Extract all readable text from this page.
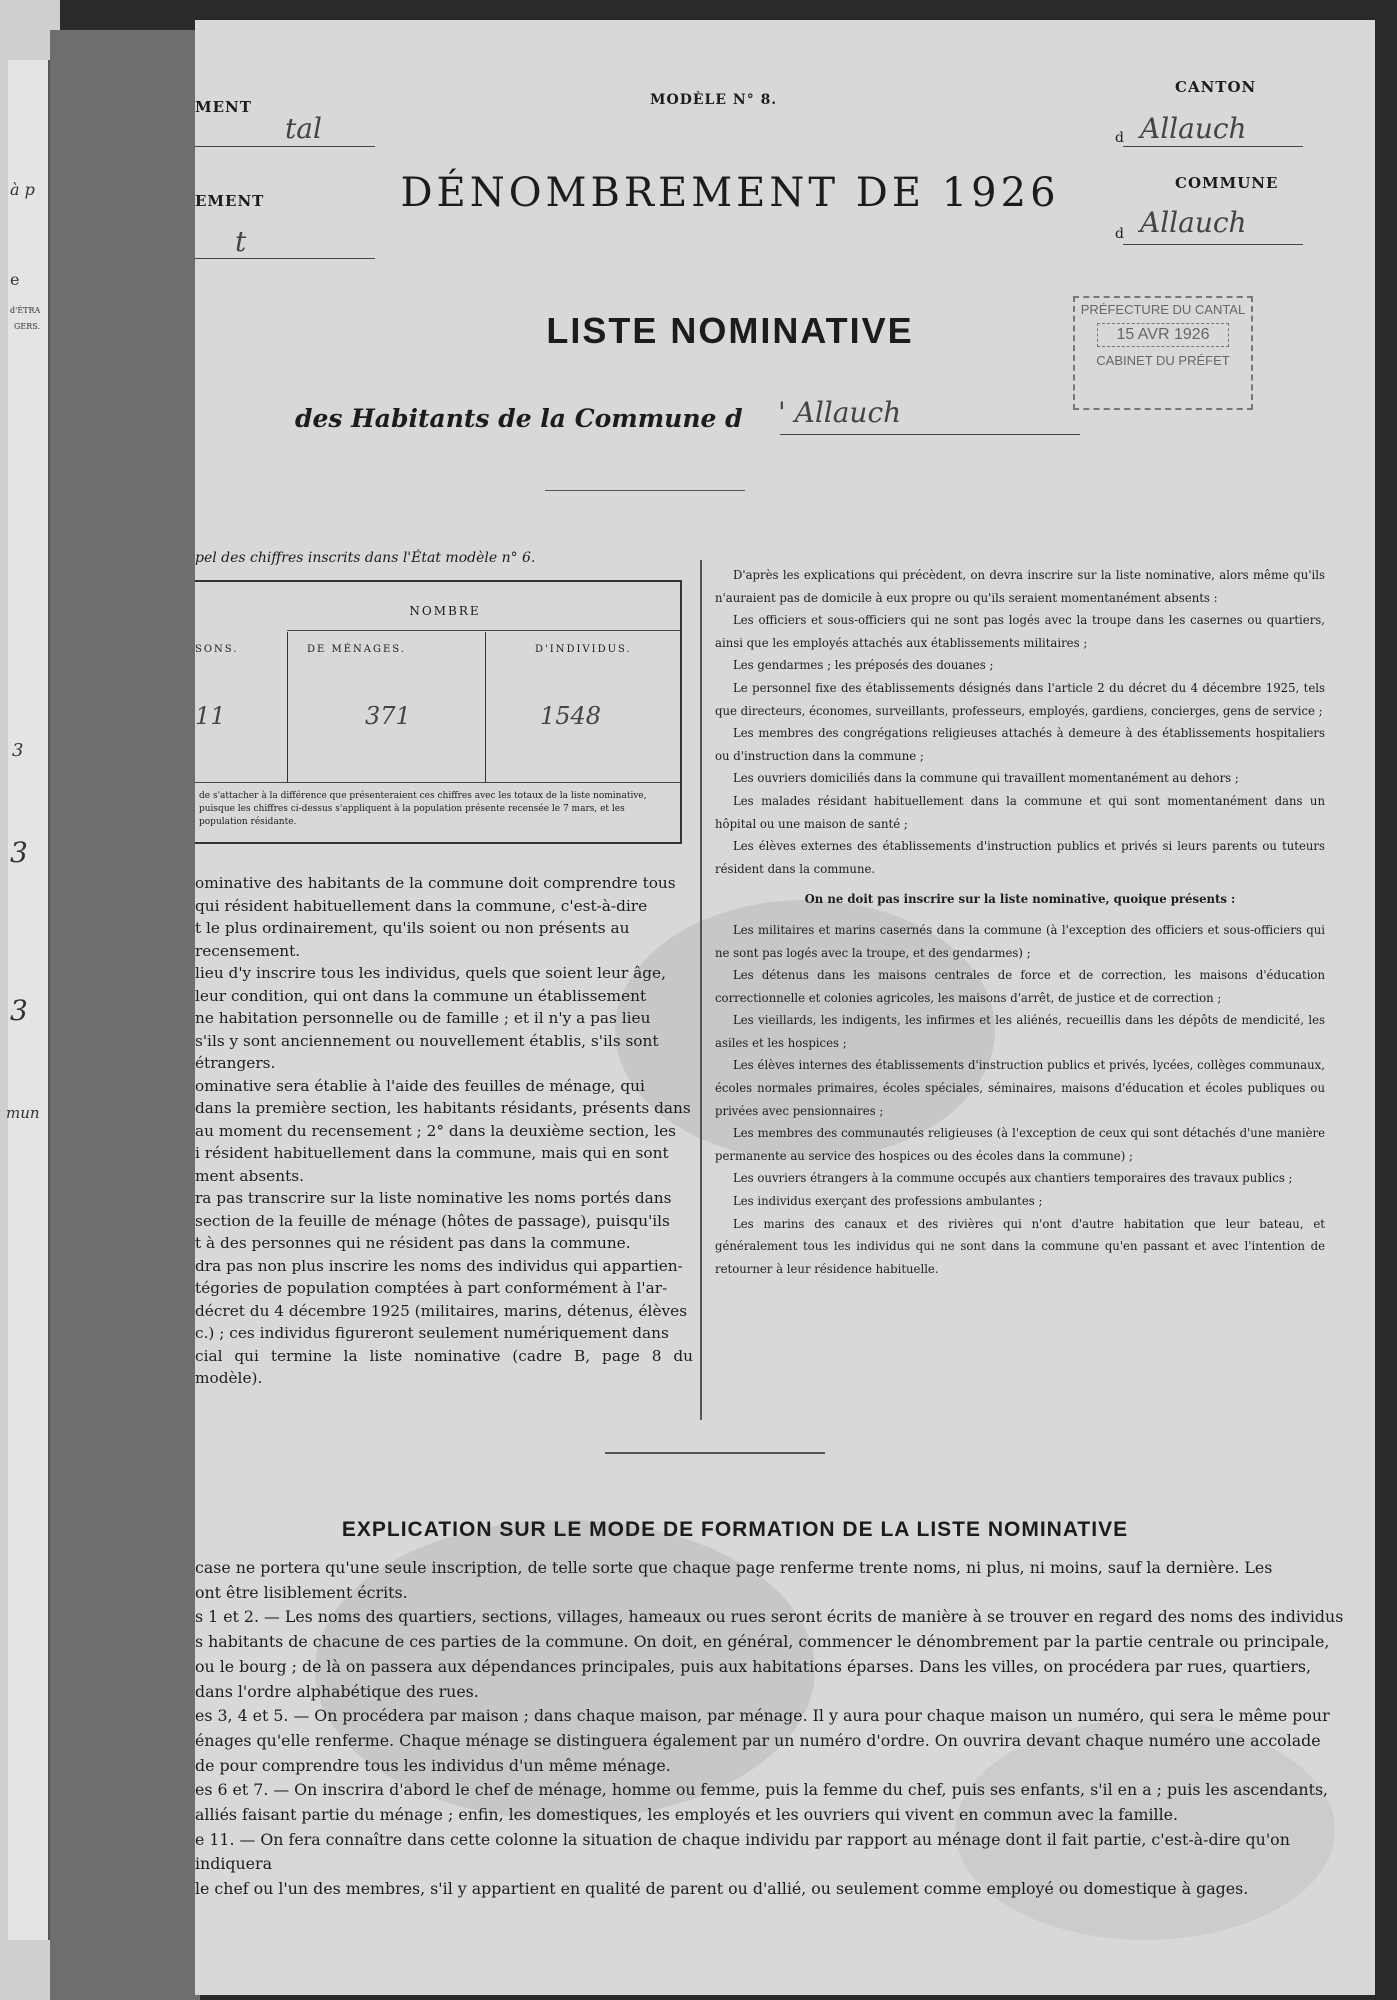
à p
e
d'ÉTRA
GERS.
3
3
3
mun
MENT
tal
EMENT
t
MODÈLE N° 8.
CANTON
d Allauch
COMMUNE
d Allauch
DÉNOMBREMENT DE 1926
LISTE NOMINATIVE
des Habitants de la Commune d ' Allauch
PRÉFECTURE DU CANTAL
15 AVR 1926
CABINET DU PRÉFET
pel des chiffres inscrits dans l'État modèle n° 6.
NOMBRE
SONS.	DE MÉNAGES.	D'INDIVIDUS.
11	371	1548
de s'attacher à la différence que présenteraient ces chiffres avec les totaux de la liste nominative, puisque les chiffres ci-dessus s'appliquent à la population présente recensée le 7 mars, et les population résidante.

ominative des habitants de la commune doit comprendre tous

qui résident habituellement dans la commune, c'est-à-dire

t le plus ordinairement, qu'ils soient ou non présents au

recensement.

lieu d'y inscrire tous les individus, quels que soient leur âge,

leur condition, qui ont dans la commune un établissement

ne habitation personnelle ou de famille ; et il n'y a pas lieu

s'ils y sont anciennement ou nouvellement établis, s'ils sont

étrangers.

ominative sera établie à l'aide des feuilles de ménage, qui

dans la première section, les habitants résidants, présents dans

au moment du recensement ; 2° dans la deuxième section, les

i résident habituellement dans la commune, mais qui en sont

ment absents.

ra pas transcrire sur la liste nominative les noms portés dans

section de la feuille de ménage (hôtes de passage), puisqu'ils

t à des personnes qui ne résident pas dans la commune.

dra pas non plus inscrire les noms des individus qui appartien-

tégories de population comptées à part conformément à l'ar-

décret du 4 décembre 1925 (militaires, marins, détenus, élèves

c.) ; ces individus figureront seulement numériquement dans

cial qui termine la liste nominative (cadre B, page 8 du modèle).

D'après les explications qui précèdent, on devra inscrire sur la liste nominative, alors même qu'ils n'auraient pas de domicile à eux propre ou qu'ils seraient momentanément absents :

Les officiers et sous-officiers qui ne sont pas logés avec la troupe dans les casernes ou quartiers, ainsi que les employés attachés aux établissements militaires ;

Les gendarmes ; les préposés des douanes ;

Le personnel fixe des établissements désignés dans l'article 2 du décret du 4 décembre 1925, tels que directeurs, économes, surveillants, professeurs, employés, gardiens, concierges, gens de service ;

Les membres des congrégations religieuses attachés à demeure à des établissements hospitaliers ou d'instruction dans la commune ;

Les ouvriers domiciliés dans la commune qui travaillent momentanément au dehors ;

Les malades résidant habituellement dans la commune et qui sont momentanément dans un hôpital ou une maison de santé ;

Les élèves externes des établissements d'instruction publics et privés si leurs parents ou tuteurs résident dans la commune.

On ne doit pas inscrire sur la liste nominative, quoique présents :

Les militaires et marins casernés dans la commune (à l'exception des officiers et sous-officiers qui ne sont pas logés avec la troupe, et des gendarmes) ;

Les détenus dans les maisons centrales de force et de correction, les maisons d'éducation correctionnelle et colonies agricoles, les maisons d'arrêt, de justice et de correction ;

Les vieillards, les indigents, les infirmes et les aliénés, recueillis dans les dépôts de mendicité, les asiles et les hospices ;

Les élèves internes des établissements d'instruction publics et privés, lycées, collèges communaux, écoles normales primaires, écoles spéciales, séminaires, maisons d'éducation et écoles publiques ou privées avec pensionnaires ;

Les membres des communautés religieuses (à l'exception de ceux qui sont détachés d'une manière permanente au service des hospices ou des écoles dans la commune) ;

Les ouvriers étrangers à la commune occupés aux chantiers temporaires des travaux publics ;

Les individus exerçant des professions ambulantes ;

Les marins des canaux et des rivières qui n'ont d'autre habitation que leur bateau, et généralement tous les individus qui ne sont dans la commune qu'en passant et avec l'intention de retourner à leur résidence habituelle.

EXPLICATION SUR LE MODE DE FORMATION DE LA LISTE NOMINATIVE

case ne portera qu'une seule inscription, de telle sorte que chaque page renferme trente noms, ni plus, ni moins, sauf la dernière. Les

ont être lisiblement écrits.

s 1 et 2. — Les noms des quartiers, sections, villages, hameaux ou rues seront écrits de manière à se trouver en regard des noms des individus

s habitants de chacune de ces parties de la commune. On doit, en général, commencer le dénombrement par la partie centrale ou principale,

ou le bourg ; de là on passera aux dépendances principales, puis aux habitations éparses. Dans les villes, on procédera par rues, quartiers,

dans l'ordre alphabétique des rues.

es 3, 4 et 5. — On procédera par maison ; dans chaque maison, par ménage. Il y aura pour chaque maison un numéro, qui sera le même pour

énages qu'elle renferme. Chaque ménage se distinguera également par un numéro d'ordre. On ouvrira devant chaque numéro une accolade

de pour comprendre tous les individus d'un même ménage.

es 6 et 7. — On inscrira d'abord le chef de ménage, homme ou femme, puis la femme du chef, puis ses enfants, s'il en a ; puis les ascendants,

alliés faisant partie du ménage ; enfin, les domestiques, les employés et les ouvriers qui vivent en commun avec la famille.

e 11. — On fera connaître dans cette colonne la situation de chaque individu par rapport au ménage dont il fait partie, c'est-à-dire qu'on indiquera

le chef ou l'un des membres, s'il y appartient en qualité de parent ou d'allié, ou seulement comme employé ou domestique à gages.
